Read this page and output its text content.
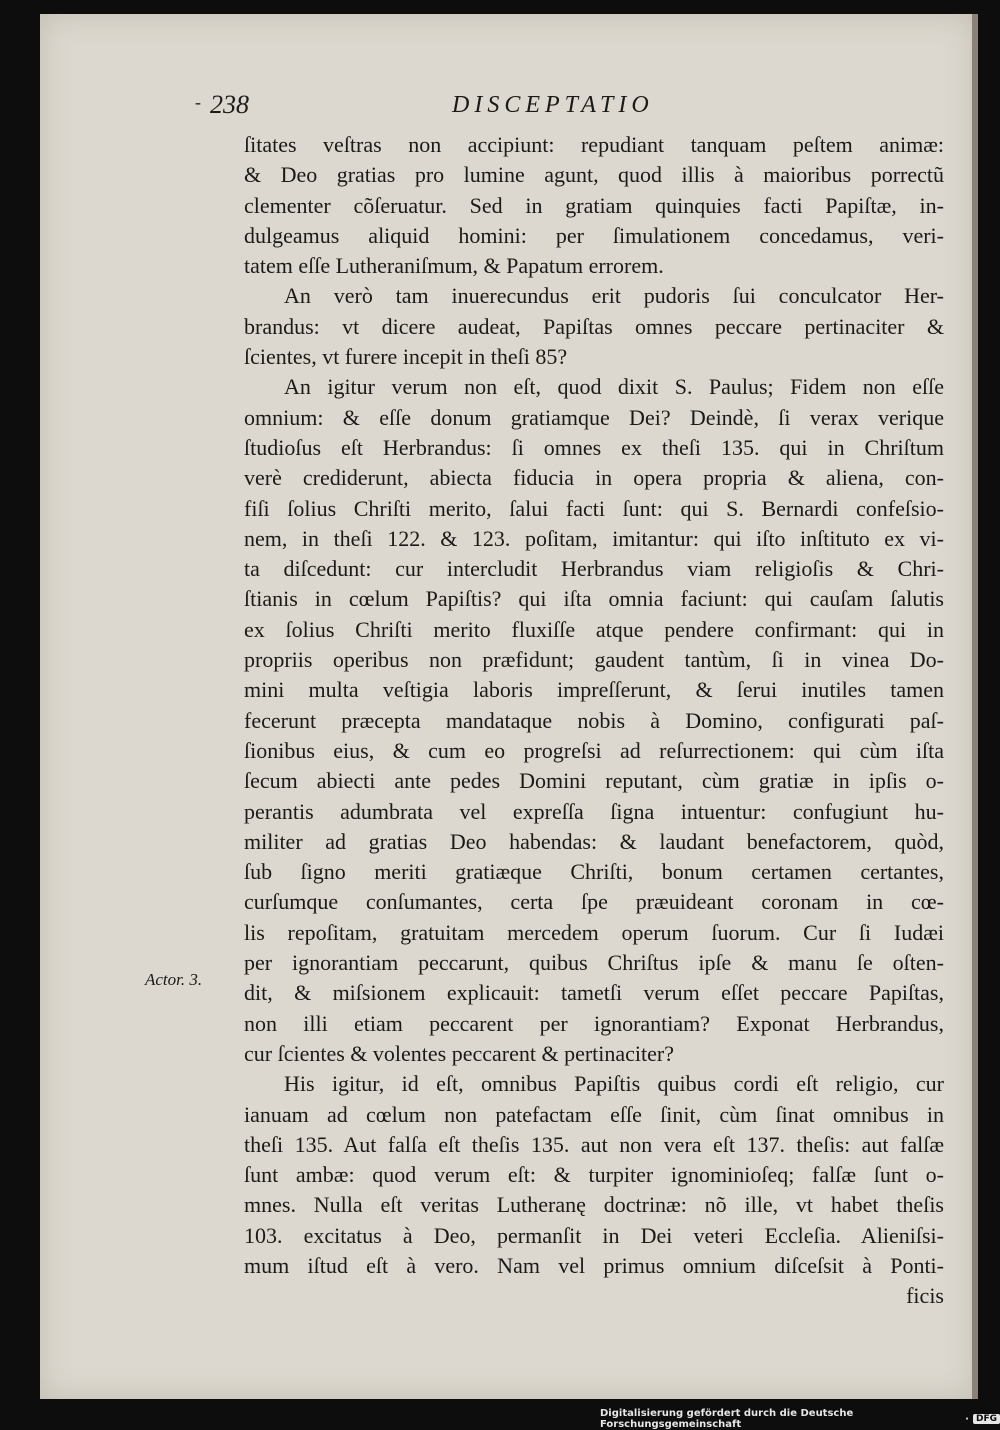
- 238	DISCEPTATIO
ſitates veſtras non accipiunt: repudiant tanquam peſtem animæ:
& Deo gratias pro lumine agunt, quod illis à maioribus porrectũ
clementer cõſeruatur. Sed in gratiam quinquies facti Papiſtæ, in-
dulgeamus aliquid homini: per ſimulationem concedamus, veri-
tatem eſſe Lutheraniſmum, & Papatum errorem.
An verò tam inuerecundus erit pudoris ſui conculcator Her-
brandus: vt dicere audeat, Papiſtas omnes peccare pertinaciter &
ſcientes, vt furere incepit in theſi 85?
An igitur verum non eſt, quod dixit S. Paulus; Fidem non eſſe
omnium: & eſſe donum gratiamque Dei? Deindè, ſi verax verique
ſtudioſus eſt Herbrandus: ſi omnes ex theſi 135. qui in Chriſtum
verè crediderunt, abiecta fiducia in opera propria & aliena, con-
fiſi ſolius Chriſti merito, ſalui facti ſunt: qui S. Bernardi confeſsio-
nem, in theſi 122. & 123. poſitam, imitantur: qui iſto inſtituto ex vi-
ta diſcedunt: cur intercludit Herbrandus viam religioſis & Chri-
ſtianis in cœlum Papiſtis? qui iſta omnia faciunt: qui cauſam ſalutis
ex ſolius Chriſti merito fluxiſſe atque pendere confirmant: qui in
propriis operibus non præfidunt; gaudent tantùm, ſi in vinea Do-
mini multa veſtigia laboris impreſſerunt, & ſerui inutiles tamen
fecerunt præcepta mandataque nobis à Domino, configurati paſ-
ſionibus eius, & cum eo progreſsi ad reſurrectionem: qui cùm iſta
ſecum abiecti ante pedes Domini reputant, cùm gratiæ in ipſis o-
perantis adumbrata vel expreſſa ſigna intuentur: confugiunt hu-
militer ad gratias Deo habendas: & laudant benefactorem, quòd,
ſub ſigno meriti gratiæque Chriſti, bonum certamen certantes,
curſumque conſumantes, certa ſpe præuideant coronam in cœ-
lis repoſitam, gratuitam mercedem operum ſuorum. Cur ſi Iudæi
per ignorantiam peccarunt, quibus Chriſtus ipſe & manu ſe oſten-
dit, & miſsionem explicauit: tametſi verum eſſet peccare Papiſtas,
non illi etiam peccarent per ignorantiam? Exponat Herbrandus,
cur ſcientes & volentes peccarent & pertinaciter?
His igitur, id eſt, omnibus Papiſtis quibus cordi eſt religio, cur
ianuam ad cœlum non patefactam eſſe ſinit, cùm ſinat omnibus in
theſi 135. Aut falſa eſt theſis 135. aut non vera eſt 137. theſis: aut falſæ
ſunt ambæ: quod verum eſt: & turpiter ignominioſeq; falſæ ſunt o-
mnes. Nulla eſt veritas Lutheranę doctrinæ: nõ ille, vt habet theſis
103. excitatus à Deo, permanſit in Dei veteri Eccleſia. Alieniſsi-
mum iſtud eſt à vero. Nam vel primus omnium diſceſsit à Ponti-
ficis
Actor. 3.
Digitalisierung gefördert durch die Deutsche Forschungsgemeinschaft	· DFG
